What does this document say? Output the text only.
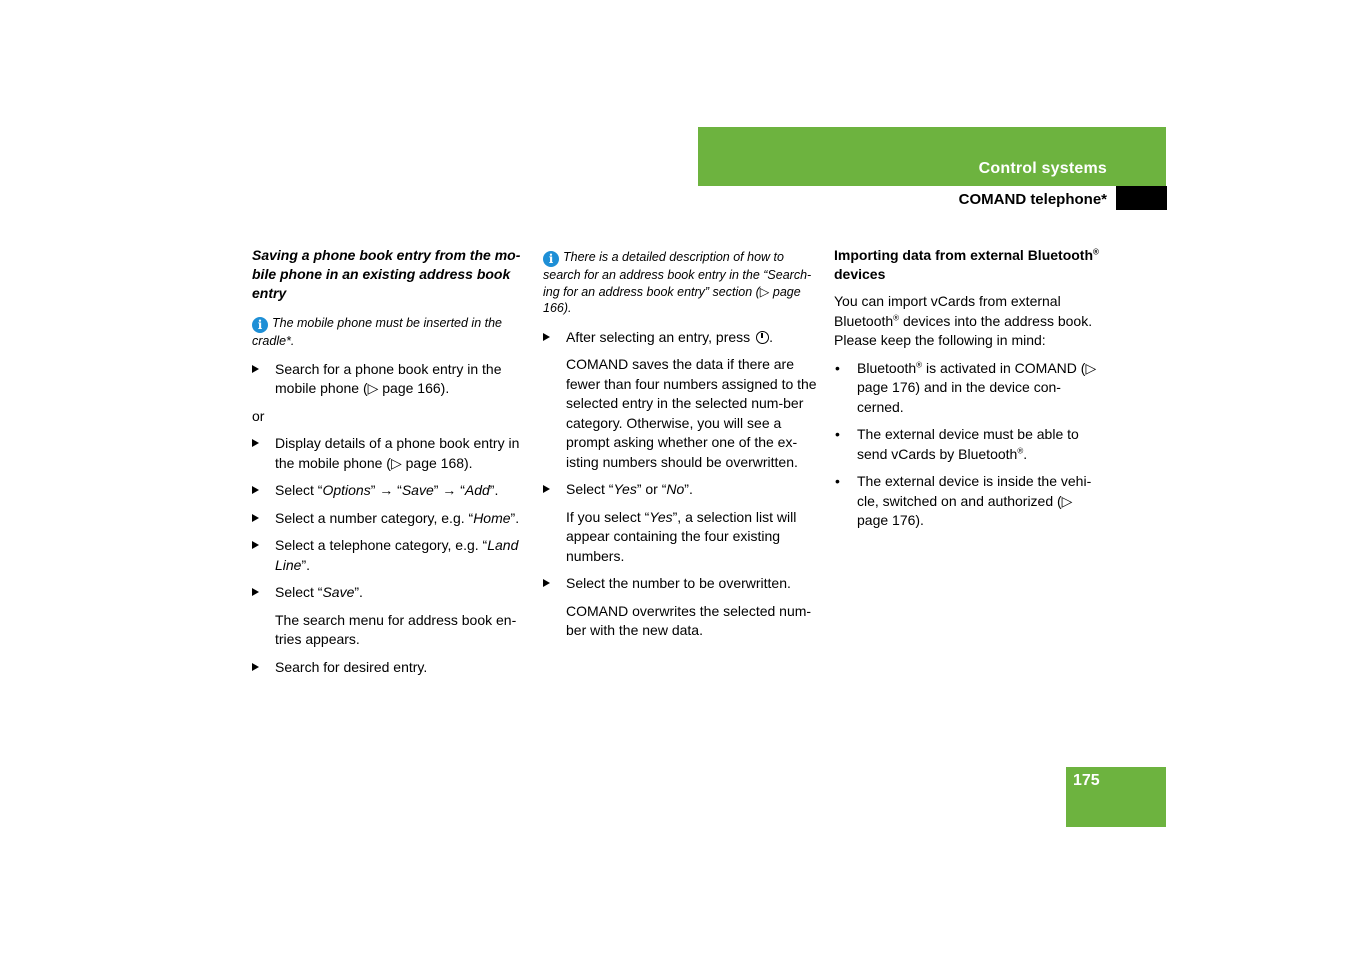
Control systems
COMAND telephone*
175

Saving a phone book entry from the mo-bile phone in an existing address book entry

i The mobile phone must be inserted in the cradle*.

Search for a phone book entry in the mobile phone (▷ page 166).

or

Display details of a phone book entry in the mobile phone (▷ page 168).
Select “Options” → “Save” → “Add”.
Select a number category, e.g. “Home”.
Select a telephone category, e.g. “Land Line”.
Select “Save”.

The search menu for address book en-tries appears.

Search for desired entry.

i There is a detailed description of how to search for an address book entry in the “Search-ing for an address book entry” section (▷ page 166).

After selecting an entry, press .

COMAND saves the data if there are fewer than four numbers assigned to the selected entry in the selected num-ber category. Otherwise, you will see a prompt asking whether one of the ex-isting numbers should be overwritten.

Select “Yes” or “No”.

If you select “Yes”, a selection list will appear containing the four existing numbers.

Select the number to be overwritten.

COMAND overwrites the selected num-ber with the new data.

Importing data from external Bluetooth® devices

You can import vCards from external Bluetooth® devices into the address book. Please keep the following in mind:

• Bluetooth® is activated in COMAND (▷ page 176) and in the device con-cerned.
• The external device must be able to send vCards by Bluetooth®.
• The external device is inside the vehi-cle, switched on and authorized (▷ page 176).
